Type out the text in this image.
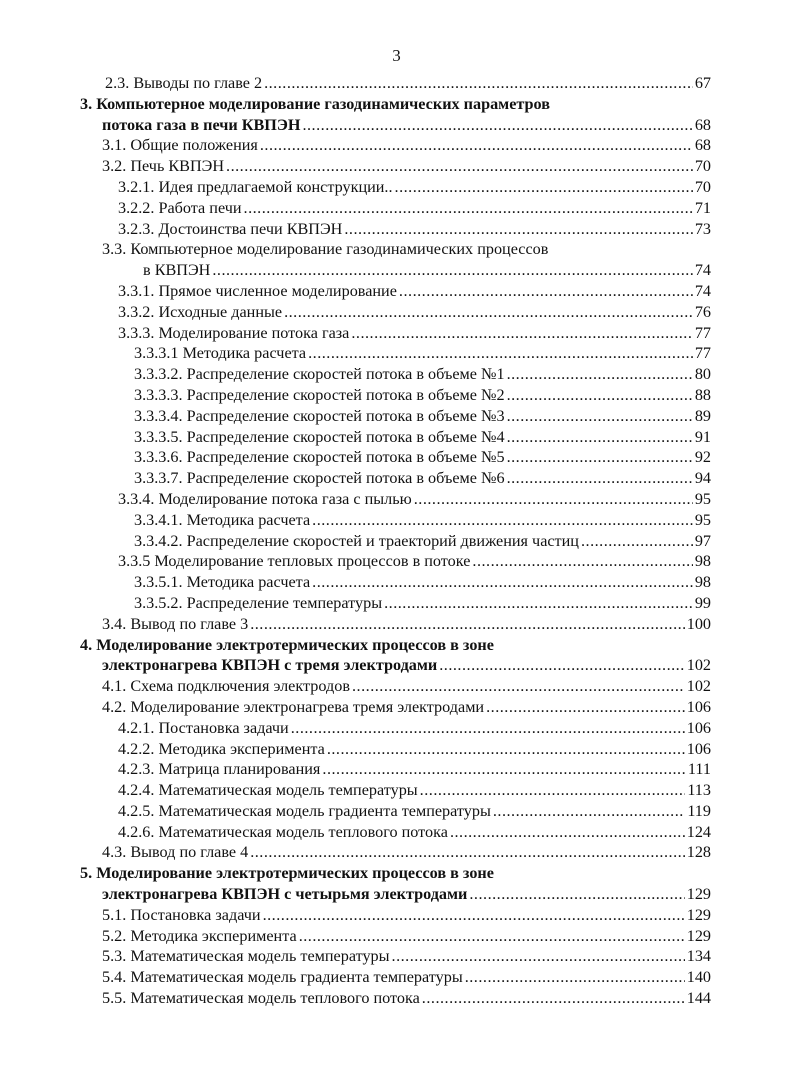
3
2.3. Выводы по главе 2 .....	67
3. Компьютерное моделирование газодинамических параметров
потока газа в печи КВПЭН .....	68
3.1. Общие положения .....	68
3.2. Печь КВПЭН .....	70
3.2.1. Идея предлагаемой конструкции.. .....	70
3.2.2. Работа печи .....	71
3.2.3. Достоинства печи КВПЭН .....	73
3.3. Компьютерное моделирование газодинамических процессов
в КВПЭН .....	74
3.3.1. Прямое численное моделирование .....	74
3.3.2. Исходные данные .....	76
3.3.3. Моделирование потока газа .....	77
3.3.3.1 Методика расчета .....	77
3.3.3.2. Распределение скоростей потока в объеме №1 .....	80
3.3.3.3. Распределение скоростей потока в объеме №2 .....	88
3.3.3.4. Распределение скоростей потока в объеме №3 .....	89
3.3.3.5. Распределение скоростей потока в объеме №4 .....	91
3.3.3.6. Распределение скоростей потока в объеме №5 .....	92
3.3.3.7. Распределение скоростей потока в объеме №6 .....	94
3.3.4. Моделирование потока газа с пылью .....	95
3.3.4.1. Методика расчета .....	95
3.3.4.2. Распределение скоростей и траекторий движения частиц .....	97
3.3.5 Моделирование тепловых процессов в потоке .....	98
3.3.5.1. Методика расчета .....	98
3.3.5.2. Распределение температуры .....	99
3.4. Вывод по главе 3 .....	100
4. Моделирование электротермических процессов в зоне
электронагрева КВПЭН с тремя электродами .....	102
4.1. Схема подключения электродов .....	102
4.2. Моделирование электронагрева тремя электродами .....	106
4.2.1. Постановка задачи .....	106
4.2.2. Методика эксперимента .....	106
4.2.3. Матрица планирования .....	111
4.2.4. Математическая модель температуры .....	113
4.2.5. Математическая модель градиента температуры .....	119
4.2.6. Математическая модель теплового потока .....	124
4.3. Вывод по главе 4 .....	128
5. Моделирование электротермических процессов в зоне
электронагрева КВПЭН с четырьмя электродами .....	129
5.1. Постановка задачи .....	129
5.2. Методика эксперимента .....	129
5.3. Математическая модель температуры .....	134
5.4. Математическая модель градиента температуры .....	140
5.5. Математическая модель теплового потока .....	144
